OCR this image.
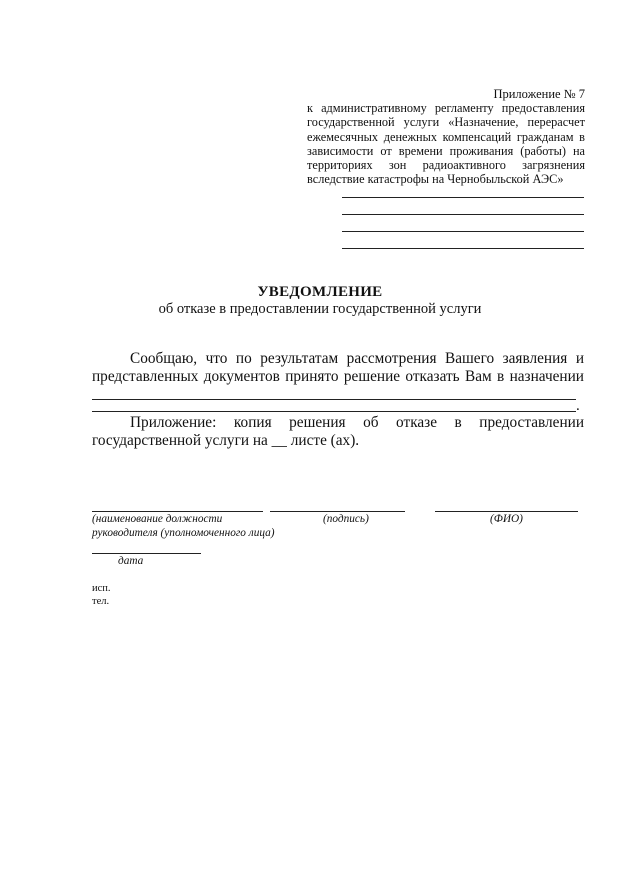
Приложение № 7
к административному регламенту предоставления государственной услуги «Назначение, перерасчет ежемесячных денежных компенсаций гражданам в зависимости от времени проживания (работы) на территориях зон радиоактивного загрязнения вследствие катастрофы на Чернобыльской АЭС»
УВЕДОМЛЕНИЕ
об отказе в предоставлении государственной услуги
Сообщаю, что по результатам рассмотрения Вашего заявления и представленных документов принято решение отказать Вам в назначении
.
Приложение: копия решения об отказе в предоставлении
государственной услуги на __ листе (ах).
(наименование должности
руководителя (уполномоченного лица)
(подпись)	(ФИО)
дата
исп.
тел.
